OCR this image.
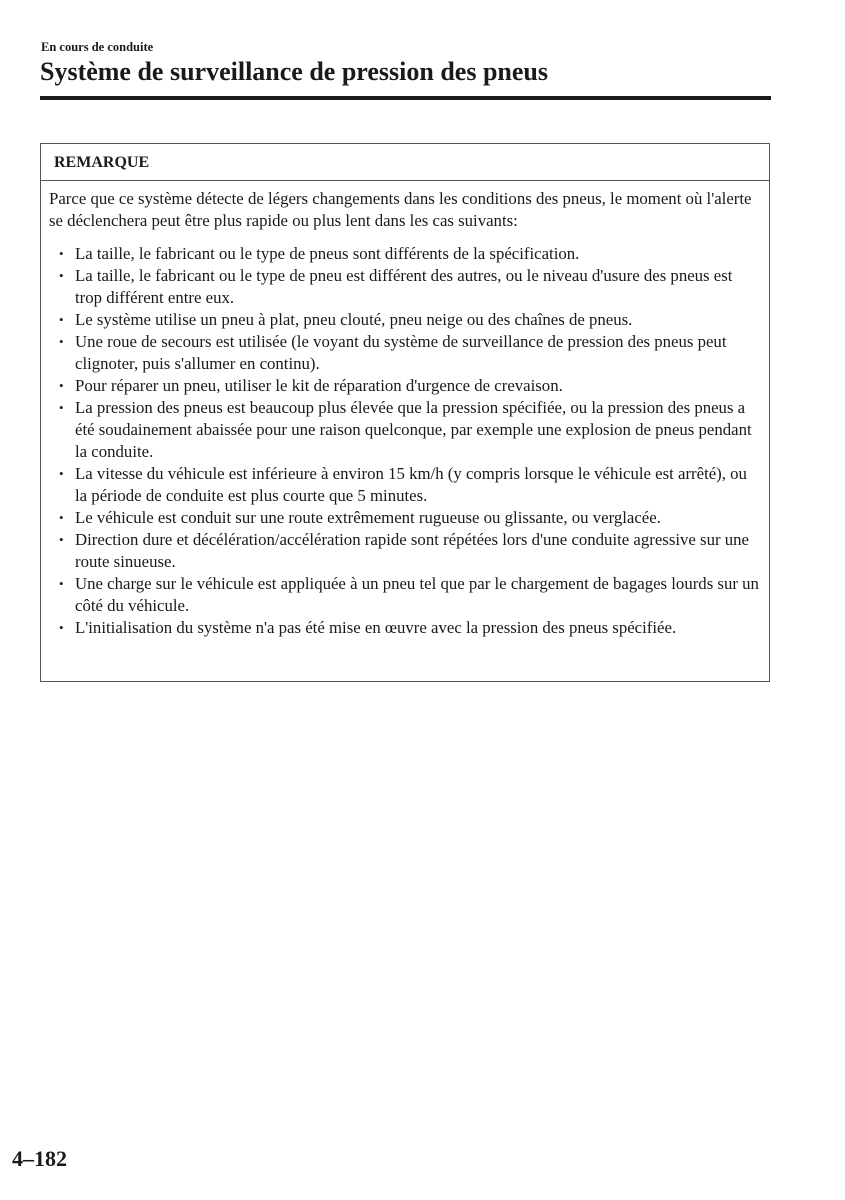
En cours de conduite
Système de surveillance de pression des pneus
REMARQUE

Parce que ce système détecte de légers changements dans les conditions des pneus, le moment où l'alerte se déclenchera peut être plus rapide ou plus lent dans les cas suivants:

• La taille, le fabricant ou le type de pneus sont différents de la spécification.
• La taille, le fabricant ou le type de pneu est différent des autres, ou le niveau d'usure des pneus est trop différent entre eux.
• Le système utilise un pneu à plat, pneu clouté, pneu neige ou des chaînes de pneus.
• Une roue de secours est utilisée (le voyant du système de surveillance de pression des pneus peut clignoter, puis s'allumer en continu).
• Pour réparer un pneu, utiliser le kit de réparation d'urgence de crevaison.
• La pression des pneus est beaucoup plus élevée que la pression spécifiée, ou la pression des pneus a été soudainement abaissée pour une raison quelconque, par exemple une explosion de pneus pendant la conduite.
• La vitesse du véhicule est inférieure à environ 15 km/h (y compris lorsque le véhicule est arrêté), ou la période de conduite est plus courte que 5 minutes.
• Le véhicule est conduit sur une route extrêmement rugueuse ou glissante, ou verglacée.
• Direction dure et décélération/accélération rapide sont répétées lors d'une conduite agressive sur une route sinueuse.
• Une charge sur le véhicule est appliquée à un pneu tel que par le chargement de bagages lourds sur un côté du véhicule.
• L'initialisation du système n'a pas été mise en œuvre avec la pression des pneus spécifiée.
4–182
